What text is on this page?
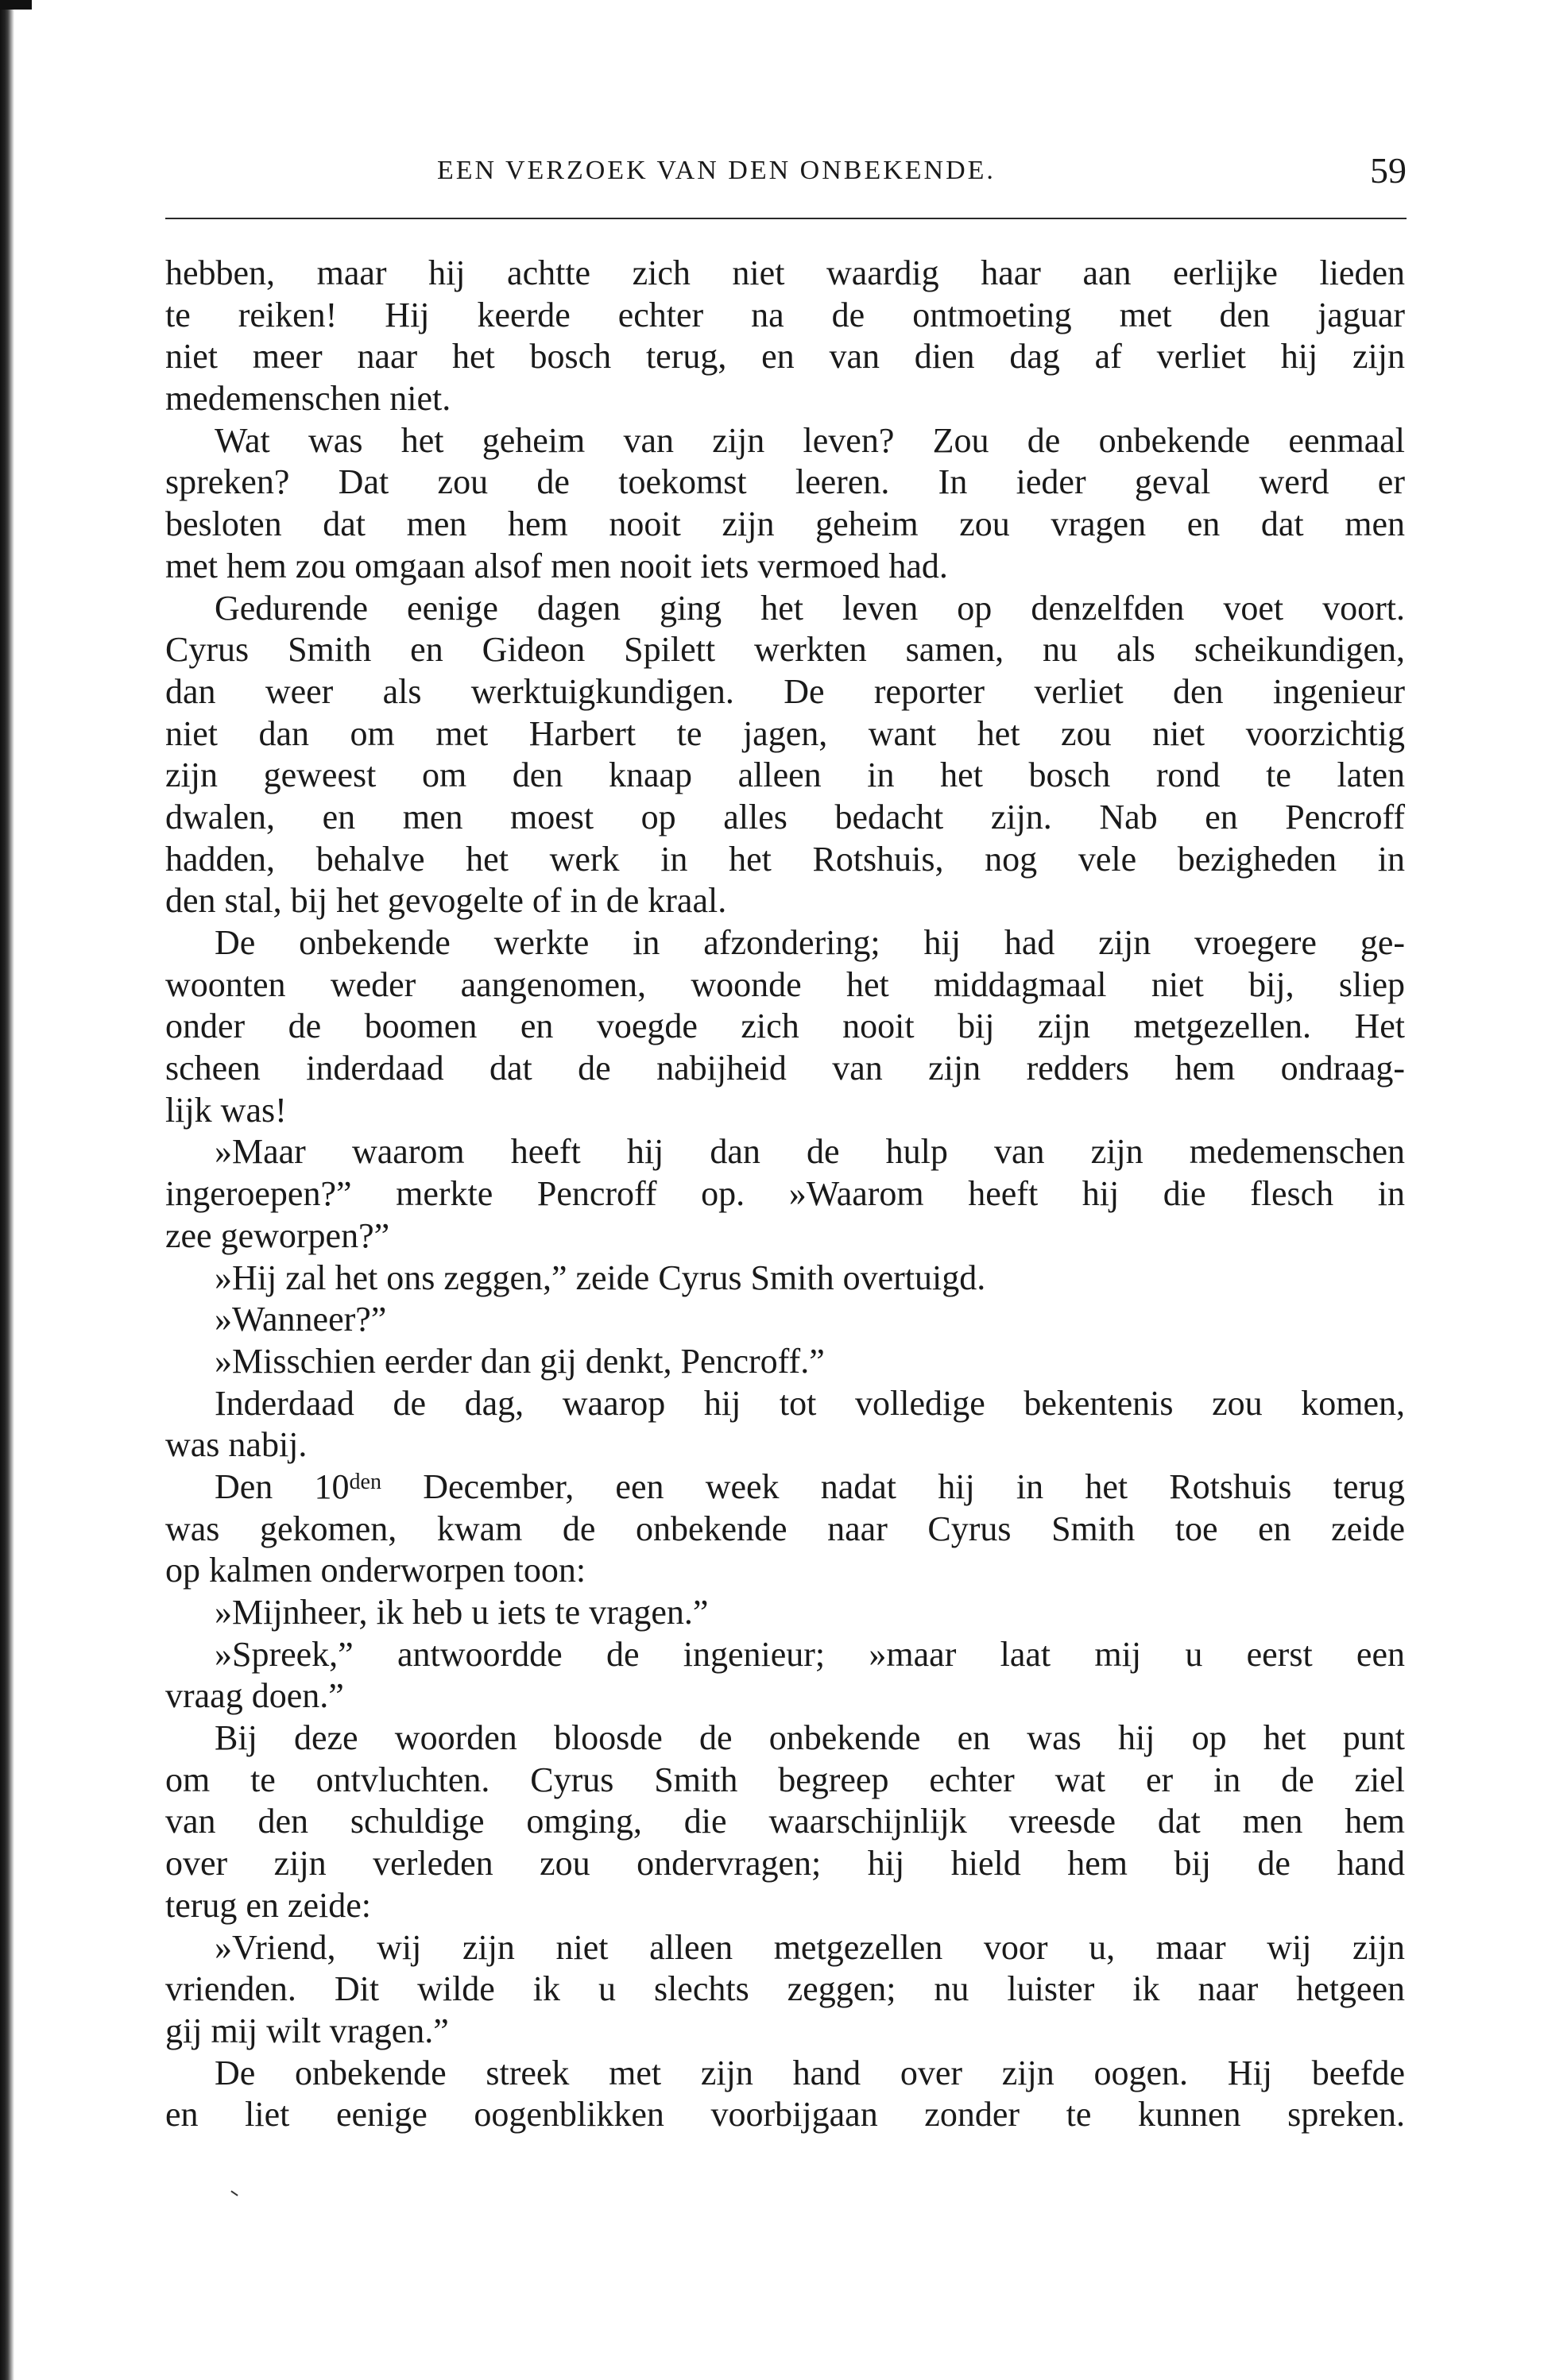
EEN VERZOEK VAN DEN ONBEKENDE.	59
hebben, maar hij achtte zich niet waardig haar aan eerlijke lieden
te reiken! Hij keerde echter na de ontmoeting met den jaguar
niet meer naar het bosch terug, en van dien dag af verliet hij zijn
medemenschen niet.
Wat was het geheim van zijn leven? Zou de onbekende eenmaal
spreken? Dat zou de toekomst leeren. In ieder geval werd er
besloten dat men hem nooit zijn geheim zou vragen en dat men
met hem zou omgaan alsof men nooit iets vermoed had.
Gedurende eenige dagen ging het leven op denzelfden voet voort.
Cyrus Smith en Gideon Spilett werkten samen, nu als scheikundigen,
dan weer als werktuigkundigen. De reporter verliet den ingenieur
niet dan om met Harbert te jagen, want het zou niet voorzichtig
zijn geweest om den knaap alleen in het bosch rond te laten
dwalen, en men moest op alles bedacht zijn. Nab en Pencroff
hadden, behalve het werk in het Rotshuis, nog vele bezigheden in
den stal, bij het gevogelte of in de kraal.
De onbekende werkte in afzondering; hij had zijn vroegere ge-
woonten weder aangenomen, woonde het middagmaal niet bij, sliep
onder de boomen en voegde zich nooit bij zijn metgezellen. Het
scheen inderdaad dat de nabijheid van zijn redders hem ondraag-
lijk was!
»Maar waarom heeft hij dan de hulp van zijn medemenschen
ingeroepen?” merkte Pencroff op. »Waarom heeft hij die flesch in
zee geworpen?”
»Hij zal het ons zeggen,” zeide Cyrus Smith overtuigd.
»Wanneer?”
»Misschien eerder dan gij denkt, Pencroff.”
Inderdaad de dag, waarop hij tot volledige bekentenis zou komen,
was nabij.
Den $10^{den}$ December, een week nadat hij in het Rotshuis terug
was gekomen, kwam de onbekende naar Cyrus Smith toe en zeide
op kalmen onderworpen toon:
»Mijnheer, ik heb u iets te vragen.”
»Spreek,” antwoordde de ingenieur; »maar laat mij u eerst een
vraag doen.”
Bij deze woorden bloosde de onbekende en was hij op het punt
om te ontvluchten. Cyrus Smith begreep echter wat er in de ziel
van den schuldige omging, die waarschijnlijk vreesde dat men hem
over zijn verleden zou ondervragen; hij hield hem bij de hand
terug en zeide:
»Vriend, wij zijn niet alleen metgezellen voor u, maar wij zijn
vrienden. Dit wilde ik u slechts zeggen; nu luister ik naar hetgeen
gij mij wilt vragen.”
De onbekende streek met zijn hand over zijn oogen. Hij beefde
en liet eenige oogenblikken voorbijgaan zonder te kunnen spreken.
